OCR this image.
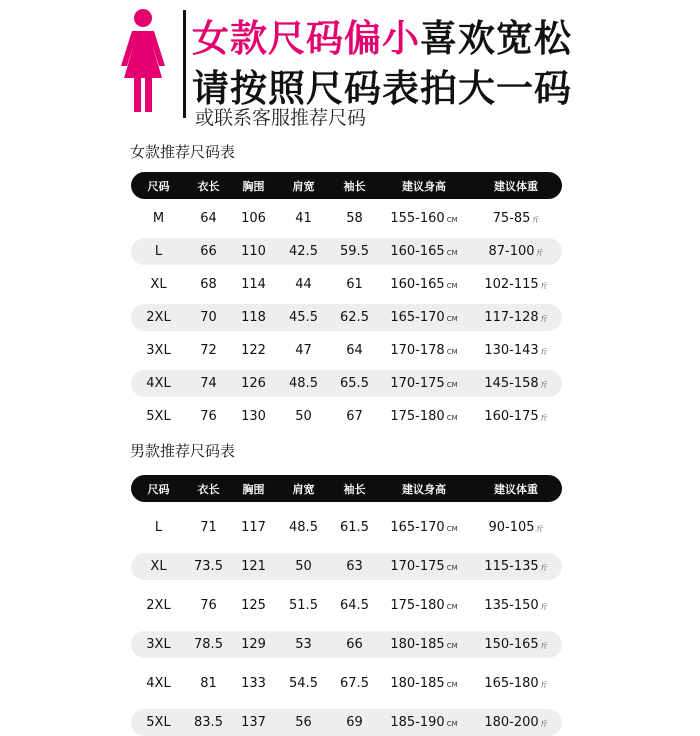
女款尺码偏小喜欢宽松
请按照尺码表拍大一码
或联系客服推荐尺码
女款推荐尺码表
尺码	衣长	胸围	肩宽	袖长	建议身高	建议体重
M	64	106	41	58	155-160 CM	75-85 斤
L	66	110	42.5	59.5	160-165 CM	87-100 斤
XL	68	114	44	61	160-165 CM	102-115 斤
2XL	70	118	45.5	62.5	165-170 CM	117-128 斤
3XL	72	122	47	64	170-178 CM	130-143 斤
4XL	74	126	48.5	65.5	170-175 CM	145-158 斤
5XL	76	130	50	67	175-180 CM	160-175 斤
男款推荐尺码表
尺码	衣长	胸围	肩宽	袖长	建议身高	建议体重
L	71	117	48.5	61.5	165-170 CM	90-105 斤
XL	73.5	121	50	63	170-175 CM	115-135 斤
2XL	76	125	51.5	64.5	175-180 CM	135-150 斤
3XL	78.5	129	53	66	180-185 CM	150-165 斤
4XL	81	133	54.5	67.5	180-185 CM	165-180 斤
5XL	83.5	137	56	69	185-190 CM	180-200 斤
